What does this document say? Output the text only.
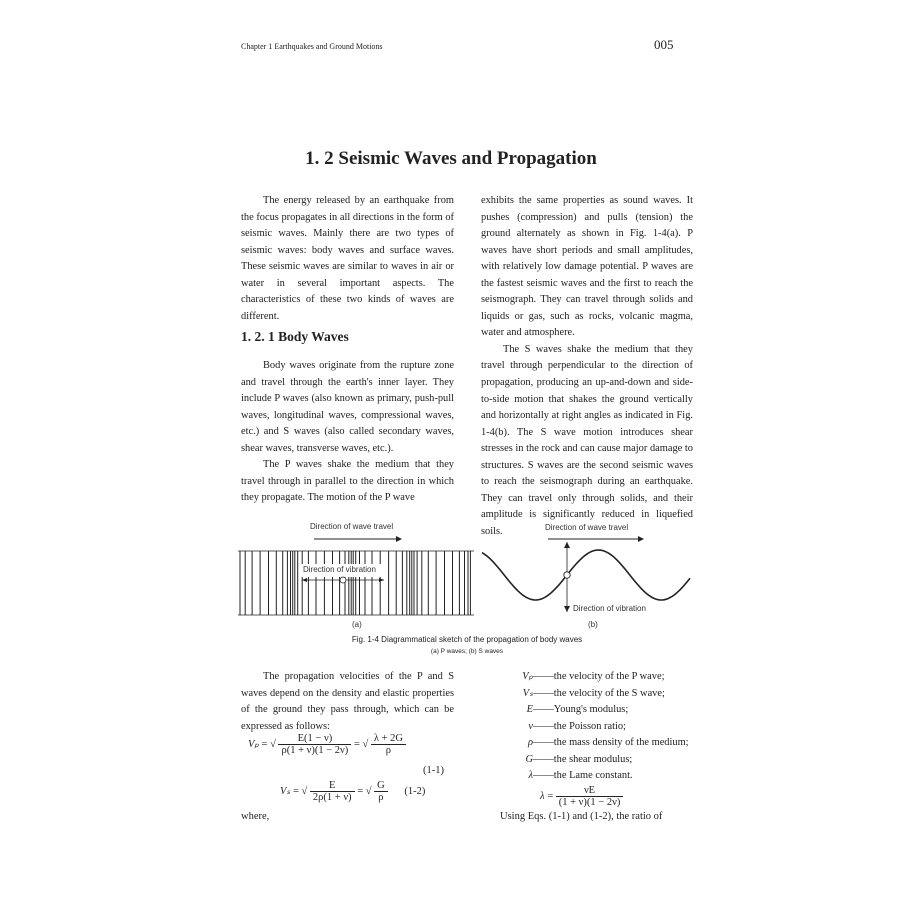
Chapter 1 Earthquakes and Ground Motions	005
1. 2 Seismic Waves and Propagation

The energy released by an earthquake from the focus propagates in all directions in the form of seismic waves. Mainly there are two types of seismic waves: body waves and surface waves. These seismic waves are similar to waves in air or water in several important aspects. The characteristics of these two kinds of waves are different.

1. 2. 1 Body Waves

Body waves originate from the rupture zone and travel through the earth's inner layer. They include P waves (also known as primary, push-pull waves, longitudinal waves, compressional waves, etc.) and S waves (also called secondary waves, shear waves, transverse waves, etc.).

The P waves shake the medium that they travel through in parallel to the direction in which they propagate. The motion of the P wave

exhibits the same properties as sound waves. It pushes (compression) and pulls (tension) the ground alternately as shown in Fig. 1-4(a). P waves have short periods and small amplitudes, with relatively low damage potential. P waves are the fastest seismic waves and the first to reach the seismograph. They can travel through solids and liquids or gas, such as rocks, volcanic magma, water and atmosphere.

The S waves shake the medium that they travel through perpendicular to the direction of propagation, producing an up-and-down and side-to-side motion that shakes the ground vertically and horizontally at right angles as indicated in Fig. 1-4(b). The S wave motion introduces shear stresses in the rock and can cause major damage to structures. S waves are the second seismic waves to reach the seismograph during an earthquake. They can travel only through solids, and their amplitude is significantly reduced in liquefied soils.

Direction of wave travel
Direction of vibration
(a)
Direction of wave travel
Direction of vibration
(b)
Fig. 1-4 Diagrammatical sketch of the propagation of body waves
(a) P waves; (b) S waves

The propagation velocities of the P and S waves depend on the density and elastic properties of the ground they pass through, which can be expressed as follows:

Vₚ = √ $\frac{E(1 - \nu)}{\rho(1 + \nu)(1 - 2\nu)}$ = √ $\frac{\lambda + 2G}{\rho}$
(1-1)
Vₛ = √ $\frac{E}{2\rho(1 + \nu)}$ = √ $\frac{G}{\rho} (1-2)$
where,
Vₚ——the velocity of the P wave;
Vₛ——the velocity of the S wave;
E——Young's modulus;
ν——the Poisson ratio;
ρ——the mass density of the medium;
G——the shear modulus;
λ——the Lame constant.
$\lambda = \frac{\nu E}{(1 + \nu)(1 - 2\nu)}$
Using Eqs. (1-1) and (1-2), the ratio of
